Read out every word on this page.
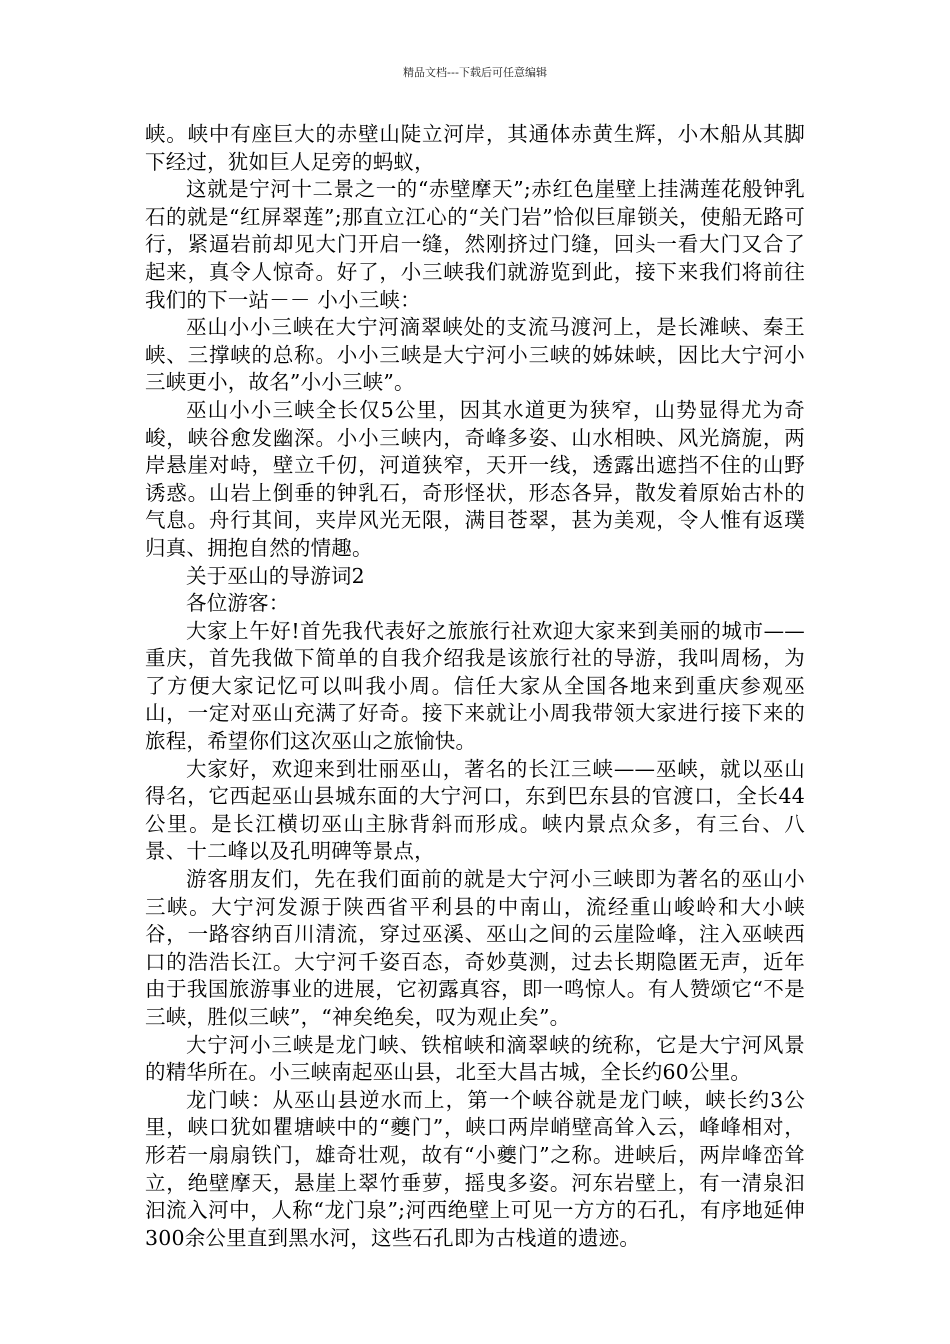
精品文档---下载后可任意编辑

峡。峡中有座巨大的赤壁山陡立河岸，其通体赤黄生辉，小木船从其脚下经过，犹如巨人足旁的蚂蚁，

这就是宁河十二景之一的“赤壁摩天”;赤红色崖壁上挂满莲花般钟乳石的就是“红屏翠莲”;那直立江心的“关门岩”恰似巨扉锁关，使船无路可行，紧逼岩前却见大门开启一缝，然刚挤过门缝，回头一看大门又合了起来，真令人惊奇。好了，小三峡我们就游览到此，接下来我们将前往我们的下一站－－ 小小三峡：

巫山小小三峡在大宁河滴翠峡处的支流马渡河上，是长滩峡、秦王峡、三撑峡的总称。小小三峡是大宁河小三峡的姊妹峡，因比大宁河小三峡更小，故名”小小三峡”。

巫山小小三峡全长仅5公里，因其水道更为狭窄，山势显得尤为奇峻，峡谷愈发幽深。小小三峡内，奇峰多姿、山水相映、风光旖旎，两岸悬崖对峙，壁立千仞，河道狭窄，天开一线，透露出遮挡不住的山野诱惑。山岩上倒垂的钟乳石，奇形怪状，形态各异，散发着原始古朴的气息。舟行其间，夹岸风光无限，满目苍翠，甚为美观，令人惟有返璞归真、拥抱自然的情趣。

关于巫山的导游词2

各位游客：

大家上午好!首先我代表好之旅旅行社欢迎大家来到美丽的城市——重庆，首先我做下简单的自我介绍我是该旅行社的导游，我叫周杨，为了方便大家记忆可以叫我小周。信任大家从全国各地来到重庆参观巫山，一定对巫山充满了好奇。接下来就让小周我带领大家进行接下来的旅程，希望你们这次巫山之旅愉快。

大家好，欢迎来到壮丽巫山，著名的长江三峡——巫峡，就以巫山得名，它西起巫山县城东面的大宁河口，东到巴东县的官渡口，全长44公里。是长江横切巫山主脉背斜而形成。峡内景点众多，有三台、八景、十二峰以及孔明碑等景点，

游客朋友们，先在我们面前的就是大宁河小三峡即为著名的巫山小三峡。大宁河发源于陕西省平利县的中南山，流经重山峻岭和大小峡谷，一路容纳百川清流，穿过巫溪、巫山之间的云崖险峰，注入巫峡西口的浩浩长江。大宁河千姿百态，奇妙莫测，过去长期隐匿无声，近年由于我国旅游事业的进展，它初露真容，即一鸣惊人。有人赞颂它“不是三峡，胜似三峡”，“神矣绝矣，叹为观止矣”。

大宁河小三峡是龙门峡、铁棺峡和滴翠峡的统称，它是大宁河风景的精华所在。小三峡南起巫山县，北至大昌古城，全长约60公里。

龙门峡：从巫山县逆水而上，第一个峡谷就是龙门峡，峡长约3公里，峡口犹如瞿塘峡中的“夔门”，峡口两岸峭壁高耸入云，峰峰相对，形若一扇扇铁门，雄奇壮观，故有“小夔门”之称。进峡后，两岸峰峦耸立，绝壁摩天，悬崖上翠竹垂萝，摇曳多姿。河东岩壁上，有一清泉汩汩流入河中，人称“龙门泉”;河西绝壁上可见一方方的石孔，有序地延伸300余公里直到黑水河，这些石孔即为古栈道的遗迹。
